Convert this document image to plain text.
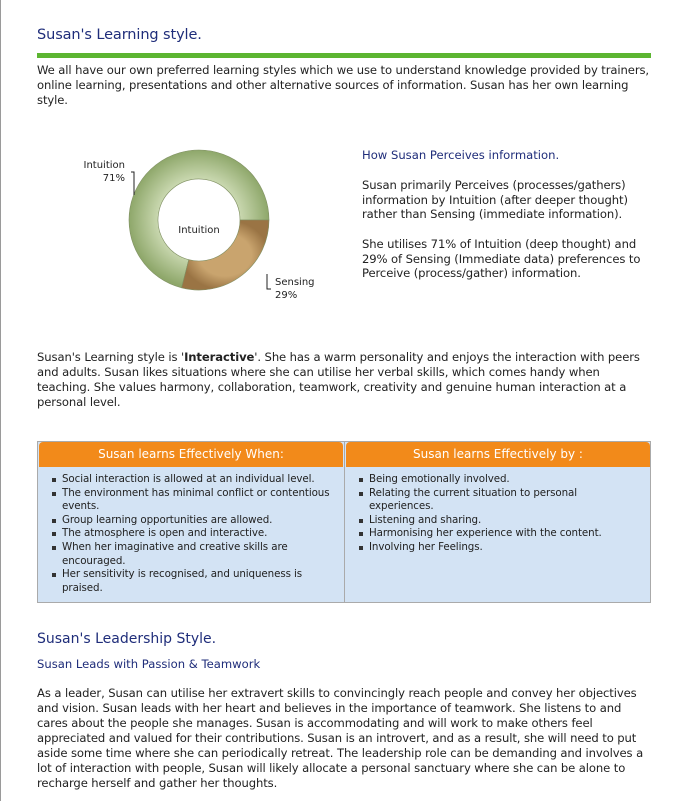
Susan's Learning style.
We all have our own preferred learning styles which we use to understand knowledge provided by trainers, online learning, presentations and other alternative sources of information. Susan has her own learning style.
Intuition
Intuition
71%
Sensing
29%
How Susan Perceives information.
Susan primarily Perceives (processes/gathers) information by Intuition (after deeper thought) rather than Sensing (immediate information).
She utilises 71% of Intuition (deep thought) and 29% of Sensing (Immediate data) preferences to Perceive (process/gather) information.
Susan's Learning style is 'Interactive'. She has a warm personality and enjoys the interaction with peers and adults. Susan likes situations where she can utilise her verbal skills, which comes handy when teaching. She values harmony, collaboration, teamwork, creativity and genuine human interaction at a personal level.
Susan learns Effectively When:
Social interaction is allowed at an individual level.
The environment has minimal conflict or contentious events.
Group learning opportunities are allowed.
The atmosphere is open and interactive.
When her imaginative and creative skills are encouraged.
Her sensitivity is recognised, and uniqueness is praised.
Susan learns Effectively by :
Being emotionally involved.
Relating the current situation to personal experiences.
Listening and sharing.
Harmonising her experience with the content.
Involving her Feelings.
Susan's Leadership Style.
Susan Leads with Passion & Teamwork
As a leader, Susan can utilise her extravert skills to convincingly reach people and convey her objectives and vision. Susan leads with her heart and believes in the importance of teamwork. She listens to and cares about the people she manages. Susan is accommodating and will work to make others feel appreciated and valued for their contributions. Susan is an introvert, and as a result, she will need to put aside some time where she can periodically retreat. The leadership role can be demanding and involves a lot of interaction with people, Susan will likely allocate a personal sanctuary where she can be alone to recharge herself and gather her thoughts.
